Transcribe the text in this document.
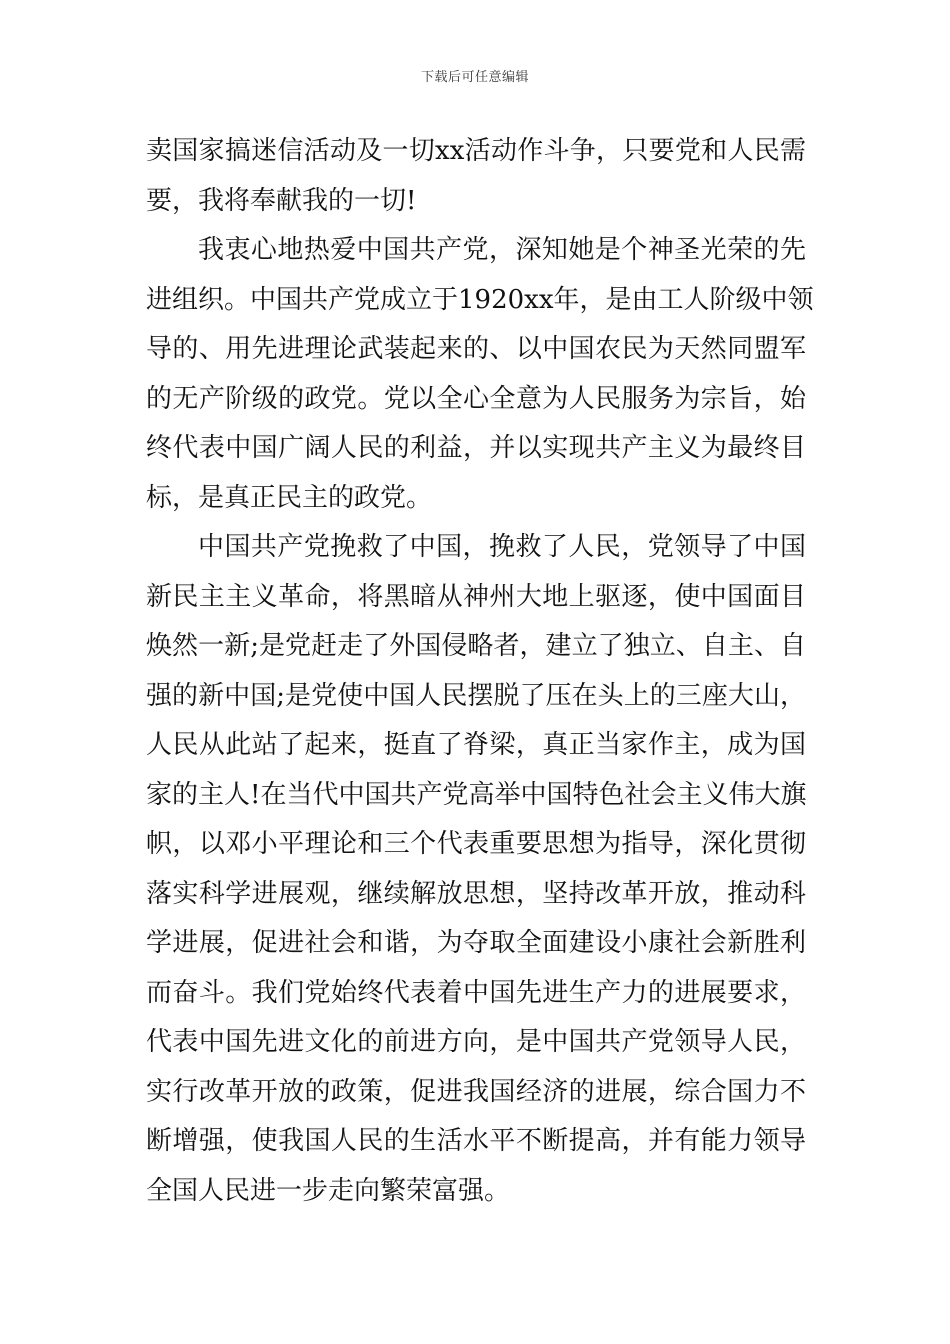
下载后可任意编辑
卖国家搞迷信活动及一切xx活动作斗争，只要党和人民需
要，我将奉献我的一切!
我衷心地热爱中国共产党，深知她是个神圣光荣的先
进组织。中国共产党成立于1920xx年，是由工人阶级中领
导的、用先进理论武装起来的、以中国农民为天然同盟军
的无产阶级的政党。党以全心全意为人民服务为宗旨，始
终代表中国广阔人民的利益，并以实现共产主义为最终目
标，是真正民主的政党。
中国共产党挽救了中国，挽救了人民，党领导了中国
新民主主义革命，将黑暗从神州大地上驱逐，使中国面目
焕然一新;是党赶走了外国侵略者，建立了独立、自主、自
强的新中国;是党使中国人民摆脱了压在头上的三座大山，
人民从此站了起来，挺直了脊梁，真正当家作主，成为国
家的主人!在当代中国共产党高举中国特色社会主义伟大旗
帜，以邓小平理论和三个代表重要思想为指导，深化贯彻
落实科学进展观，继续解放思想，坚持改革开放，推动科
学进展，促进社会和谐，为夺取全面建设小康社会新胜利
而奋斗。我们党始终代表着中国先进生产力的进展要求，
代表中国先进文化的前进方向，是中国共产党领导人民，
实行改革开放的政策，促进我国经济的进展，综合国力不
断增强，使我国人民的生活水平不断提高，并有能力领导
全国人民进一步走向繁荣富强。
